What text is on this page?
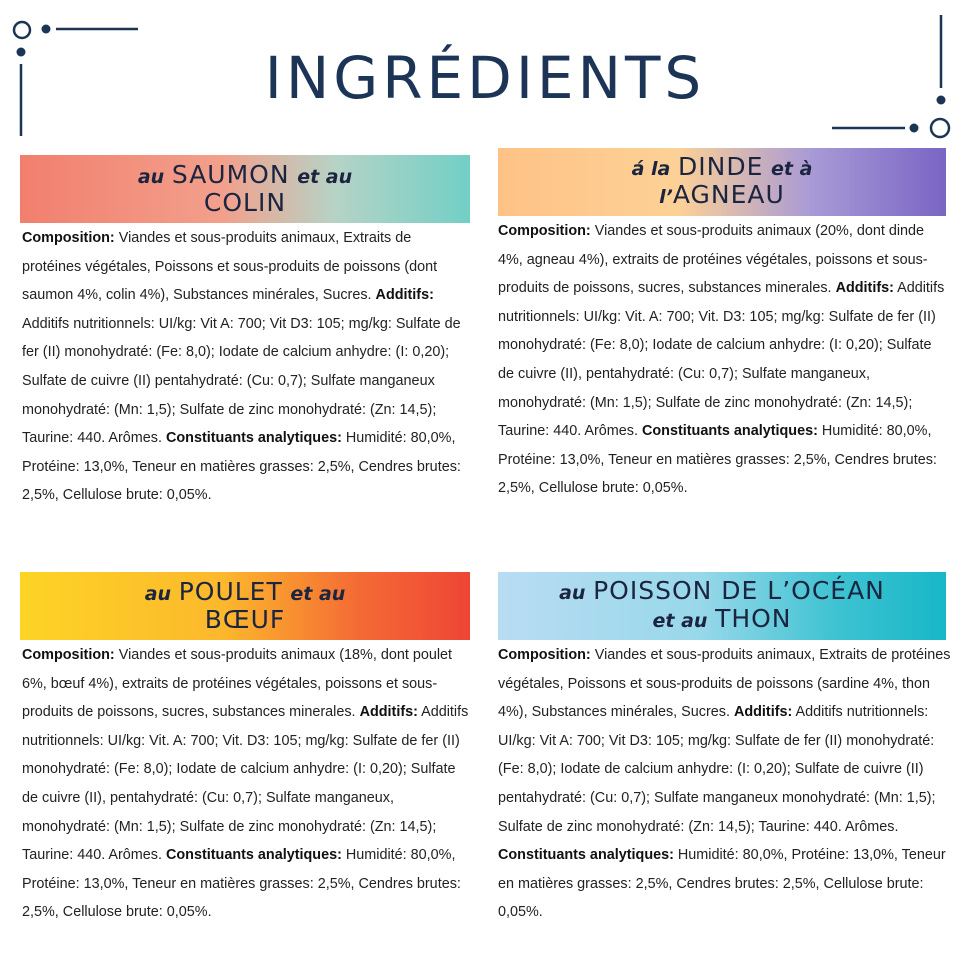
INGRÉDIENTS
au SAUMON et au
COLIN

Composition: Viandes et sous-produits animaux, Extraits de protéines végétales, Poissons et sous-produits de poissons (dont saumon 4%, colin 4%), Substances minérales, Sucres. Additifs: Additifs nutritionnels: UI/kg: Vit A: 700; Vit D3: 105; mg/kg: Sulfate de fer (II) monohydraté: (Fe: 8,0); Iodate de calcium anhydre: (I: 0,20); Sulfate de cuivre (II) pentahydraté: (Cu: 0,7); Sulfate manganeux monohydraté: (Mn: 1,5); Sulfate de zinc monohydraté: (Zn: 14,5); Taurine: 440. Arômes. Constituants analytiques: Humidité: 80,0%, Protéine: 13,0%, Teneur en matières grasses: 2,5%, Cendres brutes: 2,5%, Cellulose brute: 0,05%.

á la DINDE et à
l’AGNEAU

Composition: Viandes et sous-produits animaux (20%, dont dinde 4%, agneau 4%), extraits de protéines végétales, poissons et sous-produits de poissons, sucres, substances minerales. Additifs: Additifs nutritionnels: UI/kg: Vit. A: 700; Vit. D3: 105; mg/kg: Sulfate de fer (II) monohydraté: (Fe: 8,0); Iodate de calcium anhydre: (I: 0,20); Sulfate de cuivre (II), pentahydraté: (Cu: 0,7); Sulfate manganeux, monohydraté: (Mn: 1,5); Sulfate de zinc monohydraté: (Zn: 14,5); Taurine: 440. Arômes. Constituants analytiques: Humidité: 80,0%, Protéine: 13,0%, Teneur en matières grasses: 2,5%, Cendres brutes: 2,5%, Cellulose brute: 0,05%.

au POULET et au
BŒUF

Composition: Viandes et sous-produits animaux (18%, dont poulet 6%, bœuf 4%), extraits de protéines végétales, poissons et sous-produits de poissons, sucres, substances minerales. Additifs: Additifs nutritionnels: UI/kg: Vit. A: 700; Vit. D3: 105; mg/kg: Sulfate de fer (II) monohydraté: (Fe: 8,0); Iodate de calcium anhydre: (I: 0,20); Sulfate de cuivre (II), pentahydraté: (Cu: 0,7); Sulfate manganeux, monohydraté: (Mn: 1,5); Sulfate de zinc monohydraté: (Zn: 14,5); Taurine: 440. Arômes. Constituants analytiques: Humidité: 80,0%, Protéine: 13,0%, Teneur en matières grasses: 2,5%, Cendres brutes: 2,5%, Cellulose brute: 0,05%.

au POISSON DE L’OCÉAN
et au THON

Composition: Viandes et sous-produits animaux, Extraits de protéines végétales, Poissons et sous-produits de poissons (sardine 4%, thon 4%), Substances minérales, Sucres. Additifs: Additifs nutritionnels: UI/kg: Vit A: 700; Vit D3: 105; mg/kg: Sulfate de fer (II) monohydraté: (Fe: 8,0); Iodate de calcium anhydre: (I: 0,20); Sulfate de cuivre (II) pentahydraté: (Cu: 0,7); Sulfate manganeux monohydraté: (Mn: 1,5); Sulfate de zinc monohydraté: (Zn: 14,5); Taurine: 440. Arômes. Constituants analytiques: Humidité: 80,0%, Protéine: 13,0%, Teneur en matières grasses: 2,5%, Cendres brutes: 2,5%, Cellulose brute: 0,05%.
